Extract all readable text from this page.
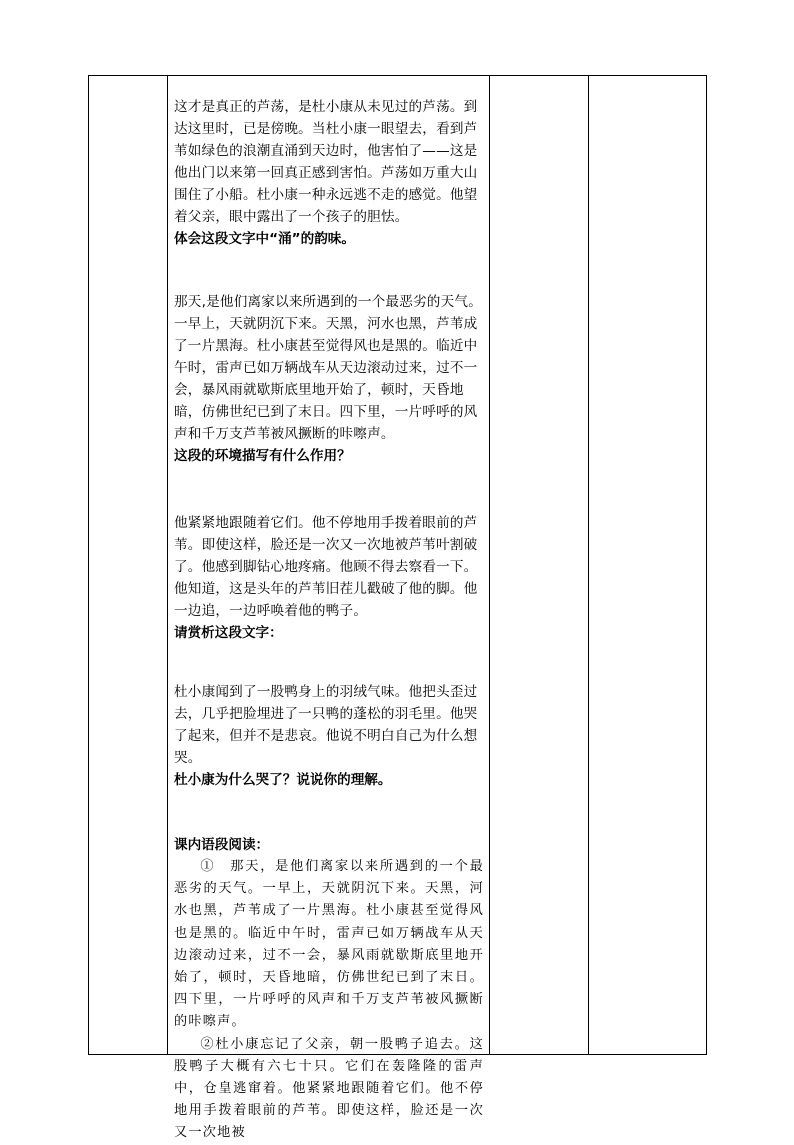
这才是真正的芦荡，是杜小康从未见过的芦荡。到达这里时，已是傍晚。当杜小康一眼望去，看到芦苇如绿色的浪潮直涌到天边时，他害怕了——这是他出门以来第一回真正感到害怕。芦荡如万重大山围住了小船。杜小康一种永远逃不走的感觉。他望着父亲，眼中露出了一个孩子的胆怯。

体会这段文字中“涌”的韵味。

那天,是他们离家以来所遇到的一个最恶劣的天气。一早上，天就阴沉下来。天黑，河水也黑，芦苇成了一片黑海。杜小康甚至觉得风也是黑的。临近中午时，雷声已如万辆战车从天边滚动过来，过不一会，暴风雨就歇斯底里地开始了，顿时，天昏地暗，仿佛世纪已到了末日。四下里，一片呼呼的风声和千万支芦苇被风撅断的咔嚓声。

这段的环境描写有什么作用？

他紧紧地跟随着它们。他不停地用手拨着眼前的芦苇。即使这样，脸还是一次又一次地被芦苇叶割破了。他感到脚钻心地疼痛。他顾不得去察看一下。他知道，这是头年的芦苇旧茬儿戳破了他的脚。他一边追，一边呼唤着他的鸭子。

请赏析这段文字：

杜小康闻到了一股鸭身上的羽绒气味。他把头歪过去，几乎把脸埋进了一只鸭的蓬松的羽毛里。他哭了起来，但并不是悲哀。他说不明白自己为什么想哭。

杜小康为什么哭了？说说你的理解。

课内语段阅读：

①　那天，是他们离家以来所遇到的一个最恶劣的天气。一早上，天就阴沉下来。天黑，河水也黑，芦苇成了一片黑海。杜小康甚至觉得风也是黑的。临近中午时，雷声已如万辆战车从天边滚动过来，过不一会，暴风雨就歇斯底里地开始了，顿时，天昏地暗，仿佛世纪已到了末日。四下里，一片呼呼的风声和千万支芦苇被风撅断的咔嚓声。

②杜小康忘记了父亲，朝一股鸭子追去。这股鸭子大概有六七十只。它们在轰隆隆的雷声中，仓皇逃窜着。他紧紧地跟随着它们。他不停地用手拨着眼前的芦苇。即使这样，脸还是一次又一次地被
